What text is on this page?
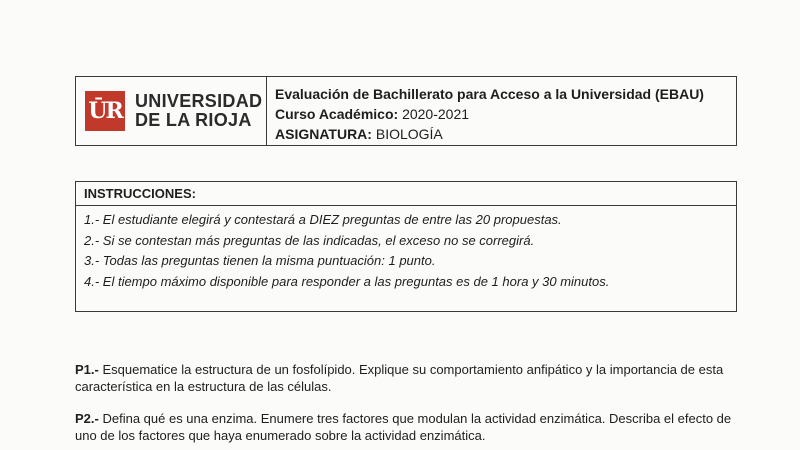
ŪR UNIVERSIDAD
DE LA RIOJA
Evaluación de Bachillerato para Acceso a la Universidad (EBAU)
Curso Académico: 2020-2021
ASIGNATURA: BIOLOGÍA
INSTRUCCIONES:
1.- El estudiante elegirá y contestará a DIEZ preguntas de entre las 20 propuestas.
2.- Si se contestan más preguntas de las indicadas, el exceso no se corregirá.
3.- Todas las preguntas tienen la misma puntuación: 1 punto.
4.- El tiempo máximo disponible para responder a las preguntas es de 1 hora y 30 minutos.
P1.- Esquematice la estructura de un fosfolípido. Explique su comportamiento anfipático y la importancia de esta característica en la estructura de las células.
P2.- Defina qué es una enzima. Enumere tres factores que modulan la actividad enzimática. Describa el efecto de uno de los factores que haya enumerado sobre la actividad enzimática.
